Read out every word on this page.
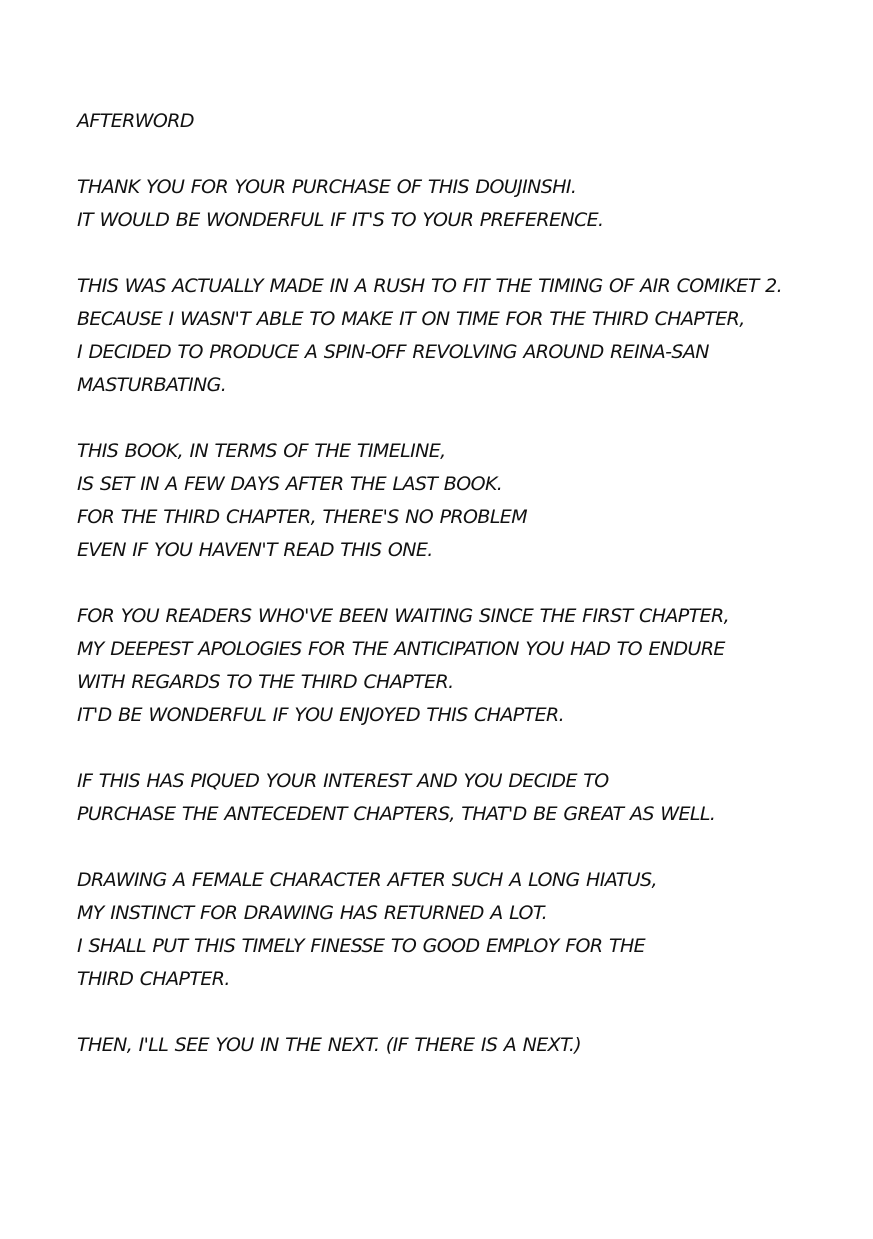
AFTERWORD
THANK YOU FOR YOUR PURCHASE OF THIS DOUJINSHI.
IT WOULD BE WONDERFUL IF IT'S TO YOUR PREFERENCE.
THIS WAS ACTUALLY MADE IN A RUSH TO FIT THE TIMING OF AIR COMIKET 2.
BECAUSE I WASN'T ABLE TO MAKE IT ON TIME FOR THE THIRD CHAPTER,
I DECIDED TO PRODUCE A SPIN-OFF REVOLVING AROUND REINA-SAN
MASTURBATING.
THIS BOOK, IN TERMS OF THE TIMELINE,
IS SET IN A FEW DAYS AFTER THE LAST BOOK.
FOR THE THIRD CHAPTER, THERE'S NO PROBLEM
EVEN IF YOU HAVEN'T READ THIS ONE.
FOR YOU READERS WHO'VE BEEN WAITING SINCE THE FIRST CHAPTER,
MY DEEPEST APOLOGIES FOR THE ANTICIPATION YOU HAD TO ENDURE
WITH REGARDS TO THE THIRD CHAPTER.
IT'D BE WONDERFUL IF YOU ENJOYED THIS CHAPTER.
IF THIS HAS PIQUED YOUR INTEREST AND YOU DECIDE TO
PURCHASE THE ANTECEDENT CHAPTERS, THAT'D BE GREAT AS WELL.
DRAWING A FEMALE CHARACTER AFTER SUCH A LONG HIATUS,
MY INSTINCT FOR DRAWING HAS RETURNED A LOT.
I SHALL PUT THIS TIMELY FINESSE TO GOOD EMPLOY FOR THE
THIRD CHAPTER.
THEN, I'LL SEE YOU IN THE NEXT. (IF THERE IS A NEXT.)
